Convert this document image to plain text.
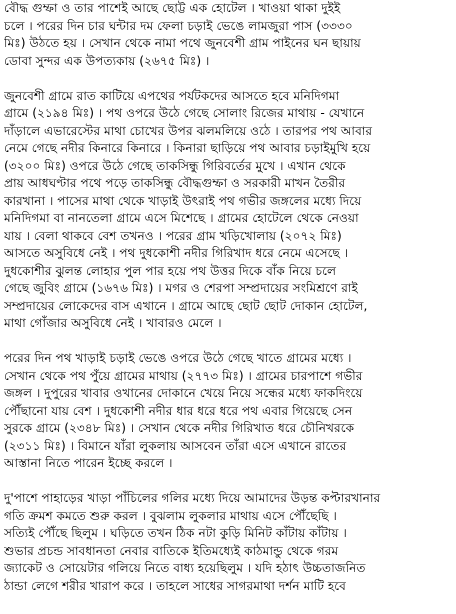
বৌদ্ধ গুম্ফা ও তার পাশেই আছে ছোট্ট এক হোটেল । খাওয়া থাকা দুইই
চলে । পরের দিন চার ঘন্টার দম ফেলা চড়াই ভেঙে লামজুরা পাস (৩৩৩০
মিঃ) উঠতে হয় । সেখান থেকে নামা পথে জুনবেশী গ্রাম পাইনের ঘন ছায়ায়
ডোবা সুন্দর এক উপত্যকায় (২৬৭৫ মিঃ) ।
জুনবেশী গ্রামে রাত কাটিয়ে এপথের পর্যটকদের আসতে হবে মনিদিগমা
গ্রামে (২১৯৪ মিঃ) । পথ ওপরে উঠে গেছে সোলাং রিজের মাথায় - যেখানে
দাঁড়ালে এভারেস্টের মাথা চোখের উপর ঝলমলিয়ে ওঠে । তারপর পথ আবার
নেমে গেছে নদীর কিনারে কিনারে । কিনারা ছাড়িয়ে পথ আবার চড়াইমুখি হয়ে
(৩২০০ মিঃ) ওপরে উঠে গেছে তাকসিন্ধু গিরিবর্তের মুখে । এখান থেকে
প্রায় আধঘণ্টার পথে পড়ে তাকসিন্ধু বৌদ্ধগুম্ফা ও সরকারী মাখন তৈরীর
কারখানা । পাসের মাথা থেকে খাড়াই উৎরাই পথ গভীর জঙ্গলের মধ্যে দিয়ে
মনিদিগমা বা নানতেলা গ্রামে এসে মিশেছে । গ্রামের হোটেলে থেকে নেওয়া
যায় । বেলা থাকবে বেশ তখনও । পরের গ্রাম খড়িখোলায় (২০৭২ মিঃ)
আসতে অসুবিধে নেই । পথ দুধকোশী নদীর গিরিখাদ ধরে নেমে এসেছে ।
দুধকোশীর ঝুলন্ত লোহার পুল পার হয়ে পথ উত্তর দিকে বাঁক নিয়ে চলে
গেছে জুবিং গ্রামে (১৬৭৬ মিঃ) । মগর ও শেরপা সম্প্রদায়ের সংমিশ্রণে রাই
সম্প্রদায়ের লোকেদের বাস এখানে । গ্রামে আছে ছোট ছোট দোকান হোটেল,
মাথা গোঁজার অসুবিধে নেই । খাবারও মেলে ।
পরের দিন পথ খাড়াই চড়াই ভেঙে ওপরে উঠে গেছে খাতে গ্রামের মধ্যে ।
সেখান থেকে পথ পুঁয়ে গ্রামের মাথায় (২৭৭৩ মিঃ) । গ্রামের চারপাশে গভীর
জঙ্গল । দুপুরের খাবার ওখানের দোকানে খেয়ে নিয়ে সন্ধের মধ্যে ফাকদিংয়ে
পৌঁছানো যায় বেশ । দুধকোশী নদীর ধার ধরে ধরে পথ এবার গিয়েছে সেন
সুরকে গ্রামে (২৩৪৮ মিঃ) । সেখান থেকে নদীর গিরিখাত ধরে চৌনিখরকে
(২৩১১ মিঃ) । বিমানে যাঁরা লুকলায় আসবেন তাঁরা এসে এখানে রাতের
আস্তানা নিতে পারেন ইচ্ছে করলে ।
দু'পাশে পাহাড়ের খাড়া পাঁচিলের গলির মধ্যে দিয়ে আমাদের উড়ন্ত কপ্টারখানার
গতি ক্রমশ কমতে শুরু করল । বুঝলাম লুকলার মাথায় এসে পৌঁছেছি ।
সত্যিই পৌঁছে ছিলুম । ঘড়িতে তখন ঠিক নটা কুড়ি মিনিট কাঁটায় কাঁটায় ।
শুভার প্রচন্ড সাবধানতা নেবার বাতিকে ইতিমধ্যেই কাঠমান্ডু থেকে গরম
জ্যাকেট ও সোয়েটার গলিয়ে নিতে বাধ্য হয়েছিলুম । যদি হঠাৎ উচ্চতাজনিত
ঠান্ডা লেগে শরীর খারাপ করে । তাহলে সাধের সাগরমাথা দর্শন মাটি হবে
